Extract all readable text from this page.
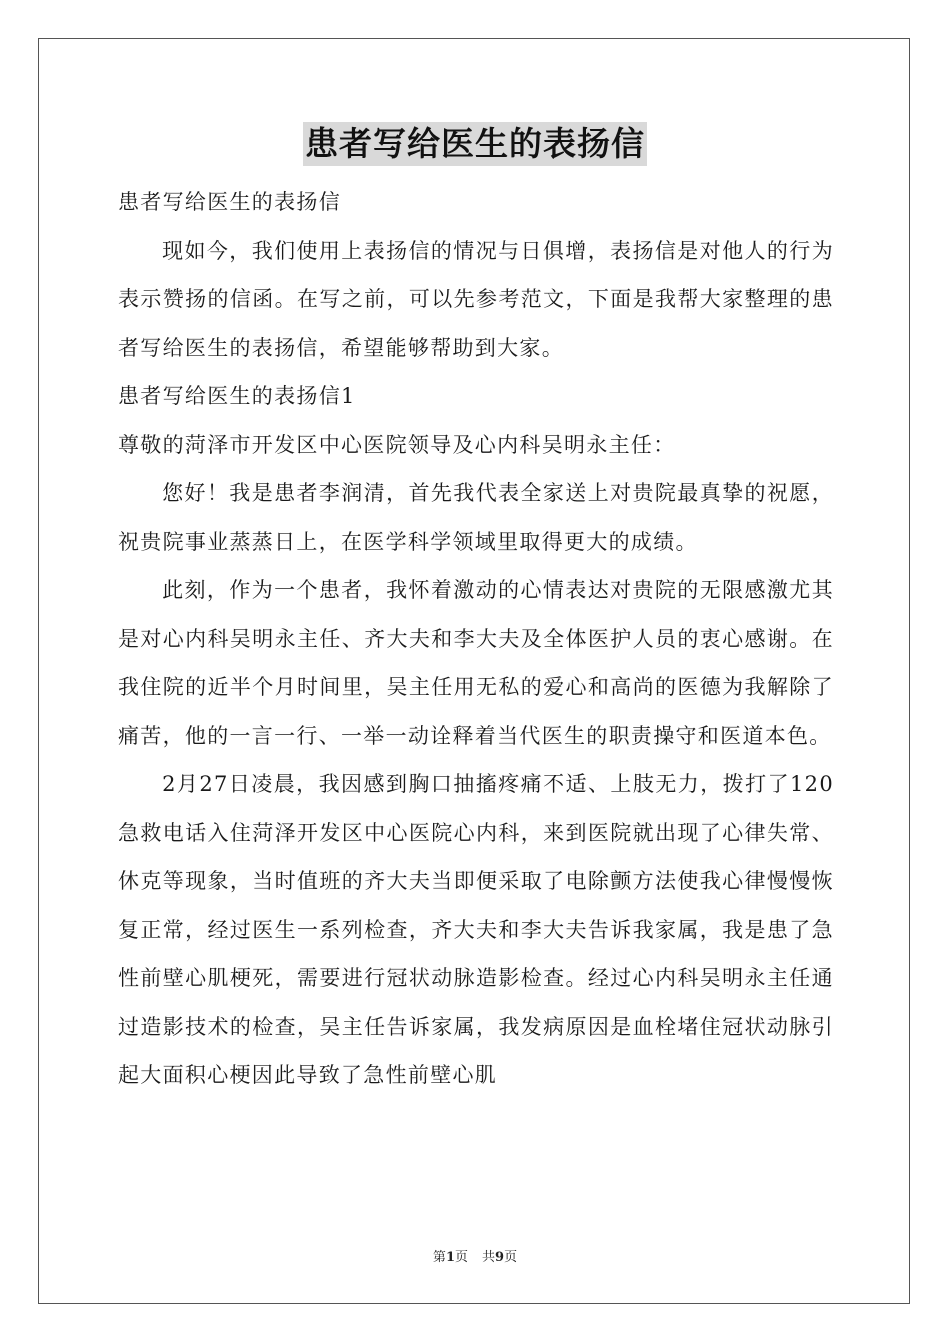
患者写给医生的表扬信

患者写给医生的表扬信

现如今，我们使用上表扬信的情况与日俱增，表扬信是对他人的行为表示赞扬的信函。在写之前，可以先参考范文，下面是我帮大家整理的患者写给医生的表扬信，希望能够帮助到大家。

患者写给医生的表扬信1

尊敬的菏泽市开发区中心医院领导及心内科吴明永主任：

您好！我是患者李润清，首先我代表全家送上对贵院最真挚的祝愿，祝贵院事业蒸蒸日上，在医学科学领域里取得更大的成绩。

此刻，作为一个患者，我怀着激动的心情表达对贵院的无限感激尤其是对心内科吴明永主任、齐大夫和李大夫及全体医护人员的衷心感谢。在我住院的近半个月时间里，吴主任用无私的爱心和高尚的医德为我解除了痛苦，他的一言一行、一举一动诠释着当代医生的职责操守和医道本色。

2月27日凌晨，我因感到胸口抽搐疼痛不适、上肢无力，拨打了120急救电话入住菏泽开发区中心医院心内科，来到医院就出现了心律失常、休克等现象，当时值班的齐大夫当即便采取了电除颤方法使我心律慢慢恢复正常，经过医生一系列检查，齐大夫和李大夫告诉我家属，我是患了急性前壁心肌梗死，需要进行冠状动脉造影检查。经过心内科吴明永主任通过造影技术的检查，吴主任告诉家属，我发病原因是血栓堵住冠状动脉引起大面积心梗因此导致了急性前壁心肌

第1页 共9页
